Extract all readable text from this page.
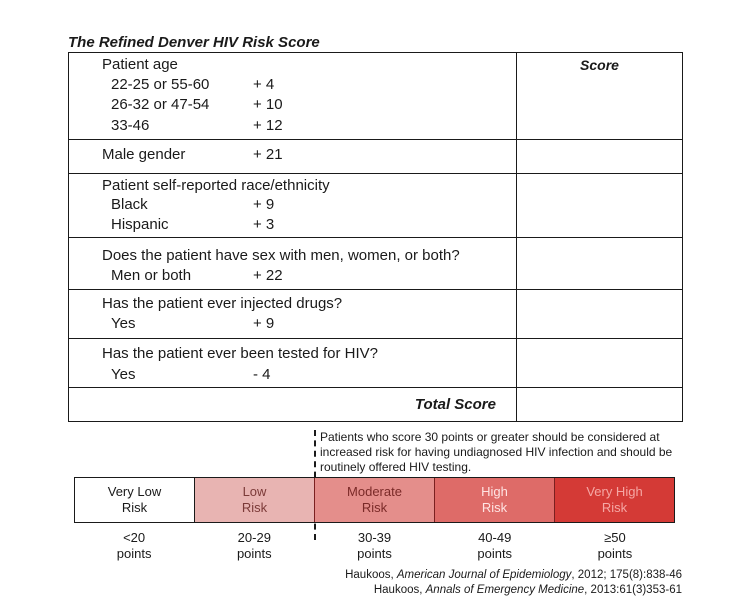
The Refined Denver HIV Risk Score
Score
Patient age
22-25 or 55-60	+ 4
26-32 or 47-54	+ 10
33-46	+ 12
Male gender	+ 21
Patient self-reported race/ethnicity
Black	+ 9
Hispanic	+ 3
Does the patient have sex with men, women, or both?
Men or both	+ 22
Has the patient ever injected drugs?
Yes	+ 9
Has the patient ever been tested for HIV?
Yes	- 4
Total Score
Patients who score 30 points or greater should be considered at increased risk for having undiagnosed HIV infection and should be routinely offered HIV testing.
Very Low
Risk
Low
Risk
Moderate
Risk
High
Risk
Very High
Risk
<20
points
20-29
points
30-39
points
40-49
points
≥50
points
Haukoos, American Journal of Epidemiology, 2012; 175(8):838-46
Haukoos, Annals of Emergency Medicine, 2013:61(3)353-61
